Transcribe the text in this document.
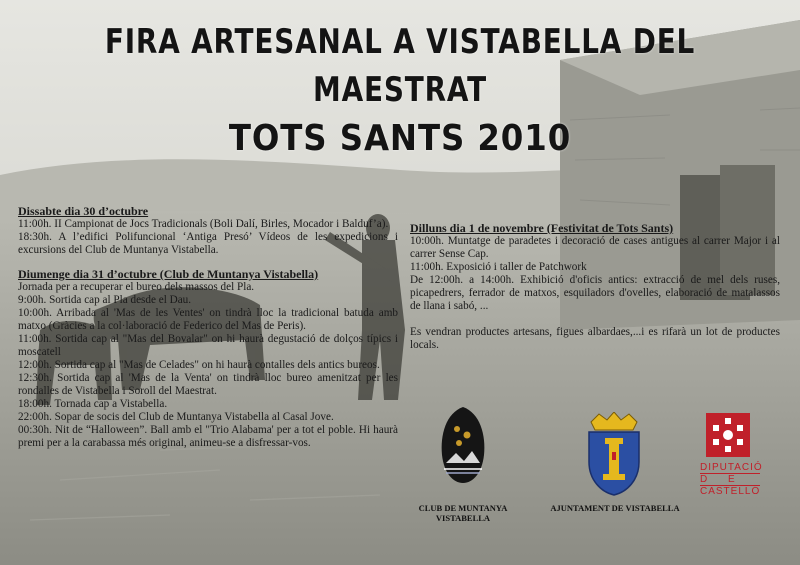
FIRA ARTESANAL A VISTABELLA DEL
MAESTRAT
TOTS SANTS 2010
Dissabte dia 30 d’octubre
11:00h. II Campionat de Jocs Tradicionals (Boli Dalí, Birles, Mocador i Balduf’a).
18:30h. A l’edifici Polifuncional ‘Antiga Presó’ Vídeos de les expedicions i excursions del Club de Muntanya Vistabella.
Diumenge dia 31 d’octubre (Club de Muntanya Vistabella)
Jornada per a recuperar el bureo dels massos del Pla.
9:00h. Sortida cap al Pla desde el Dau.
10:00h. Arribada al 'Mas de les Ventes' on tindrà lloc la tradicional batuda amb matxo (Gràcies a la col·laboració de Federico del Mas de Peris).
11:00h. Sortida cap al "Mas del Bovalar" on hi haurà degustació de dolços típics i moscatell
12:00h. Sortida cap al "Mas de Celades" on hi haurà contalles dels antics bureos.
12:30h. Sortida cap al 'Mas de la Venta' on tindrà lloc bureo amenitzat per les rondalles de Vistabella i Soroll del Maestrat.
18:00h. Tornada cap a Vistabella.
22:00h. Sopar de socis del Club de Muntanya Vistabella al Casal Jove.
00:30h. Nit de “Halloween”. Ball amb el "Trio Alabama' per a tot el poble. Hi haurà premi per a la carabassa més original, animeu-se a disfressar-vos.
Dilluns dia 1 de novembre (Festivitat de Tots Sants)
10:00h. Muntatge de paradetes i decoració de cases antigues al carrer Major i al carrer Sense Cap.
11:00h. Exposició i taller de Patchwork
De 12:00h. a 14:00h. Exhibició d'oficis antics: extracció de mel dels ruses, picapedrers, ferrador de matxos, esquiladors d'ovelles, elaboració de matalassos de llana i sabó, ...
Es vendran productes artesans, figues albardaes,...i es rifarà un lot de productes locals.
CLUB DE MUNTANYA VISTABELLA
AJUNTAMENT DE VISTABELLA
DIPUTACIÓ
D E
CASTELLÓ
